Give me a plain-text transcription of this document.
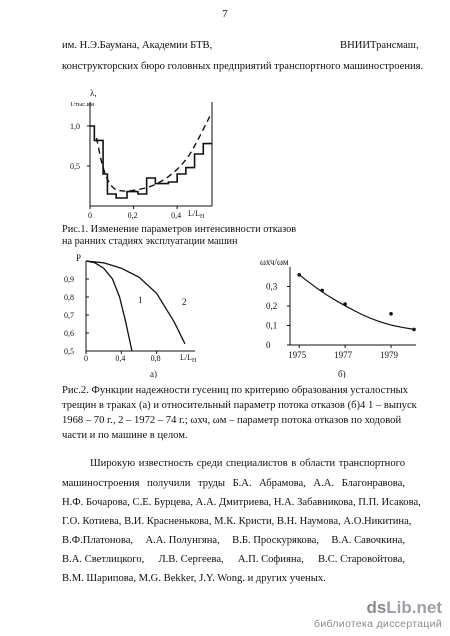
7
им. Н.Э.Баумана, Академии БТВ,	ВНИИТрансмаш,
конструкторских бюро головных предприятий транспортного машиностроения.
λ,
1/тыс.км
0	0,2	0,4
0,5
1,0
$L/L_Н$
Рис.1. Изменение параметров интенсивности отказов
на ранних стадиях эксплуатации машин
P
0	0,4	0,8
0,9
0,8
0,7
0,6
0,5
1	2
$L/L_Н$
а)
ωхч/ωм
1975	1977	1979
0,3
0,2
0,1
0
б)
Рис.2. Функции надежности гусениц по критерию образования усталостных
трещин в траках (а) и относительный параметр потока отказов (б)4 1 – выпуск
1968 – 70 г., 2 – 1972 – 74 г.; ωхч, ωм – параметр потока отказов по ходовой
части и по машине в целом.
Широкую известность среди специалистов в области транспортного
машиностроения получили труды Б.А. Абрамова, А.А. Благонравова,
Н.Ф. Бочарова, С.Е. Бурцева, А.А. Дмитриева, Н.А. Забавникова, П.П. Исакова,
Г.О. Котиева, В.И. Красненькова, М.К. Кристи, В.Н. Наумова, А.О.Никитина,
В.Ф.Платонова, А.А. Полунгяна, В.Б. Проскурякова, В.А. Савочкина,
В.А. Светлицкого, Л.В. Сергеева, А.П. Софияна, В.С. Старовойтова,
В.М. Шарипова, M.G. Bekker, J.Y. Wong. и других ученых.
dsLib.net
библиотека диссертаций
